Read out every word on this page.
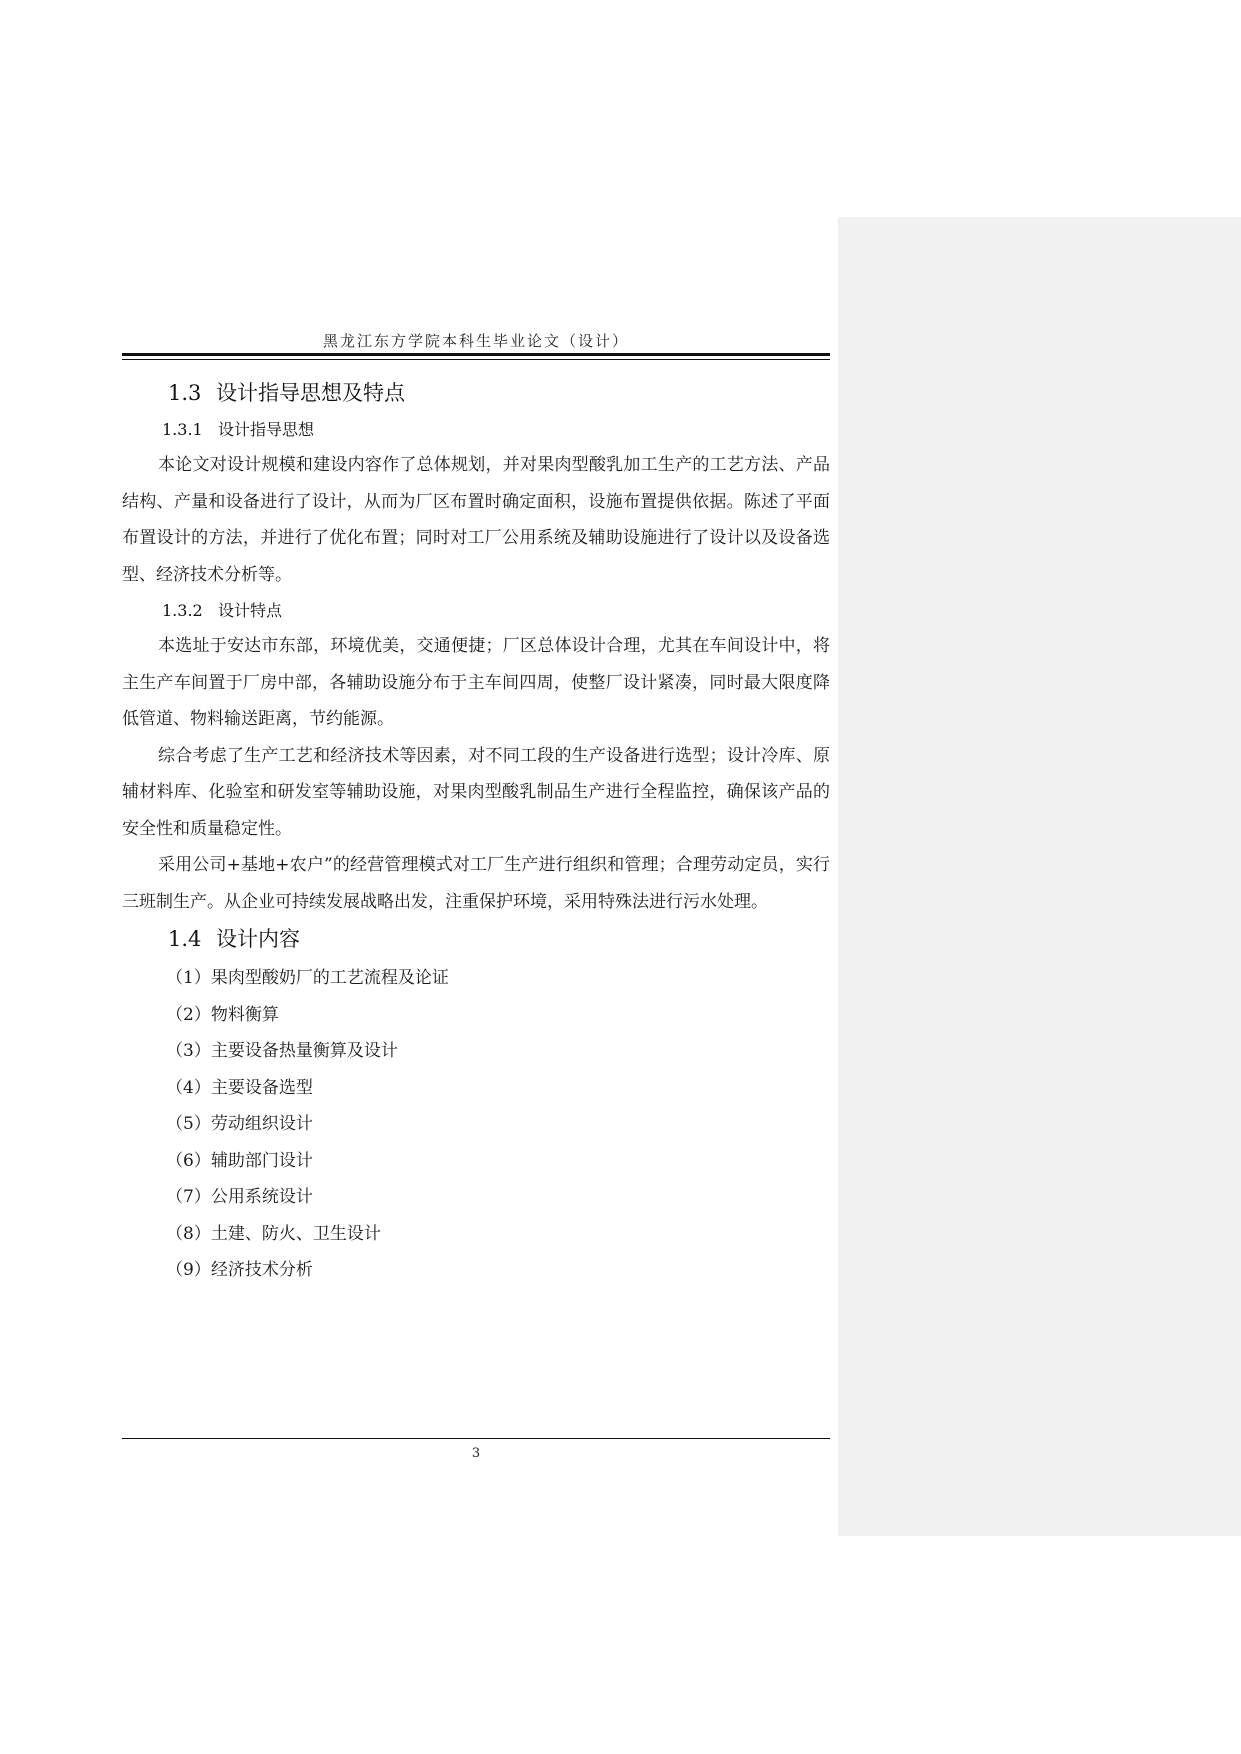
黑龙江东方学院本科生毕业论文（设计）
1.3 设计指导思想及特点
1.3.1 设计指导思想

本论文对设计规模和建设内容作了总体规划，并对果肉型酸乳加工生产的工艺方法、产品结构、产量和设备进行了设计，从而为厂区布置时确定面积，设施布置提供依据。陈述了平面布置设计的方法，并进行了优化布置；同时对工厂公用系统及辅助设施进行了设计以及设备选型、经济技术分析等。

1.3.2 设计特点

本选址于安达市东部，环境优美，交通便捷；厂区总体设计合理，尤其在车间设计中，将主生产车间置于厂房中部，各辅助设施分布于主车间四周，使整厂设计紧凑，同时最大限度降低管道、物料输送距离，节约能源。

综合考虑了生产工艺和经济技术等因素，对不同工段的生产设备进行选型；设计冷库、原辅材料库、化验室和研发室等辅助设施，对果肉型酸乳制品生产进行全程监控，确保该产品的安全性和质量稳定性。

采用公司+基地+农户”的经营管理模式对工厂生产进行组织和管理；合理劳动定员，实行三班制生产。从企业可持续发展战略出发，注重保护环境，采用特殊法进行污水处理。

1.4 设计内容
（1）果肉型酸奶厂的工艺流程及论证
（2）物料衡算
（3）主要设备热量衡算及设计
（4）主要设备选型
（5）劳动组织设计
（6）辅助部门设计
（7）公用系统设计
（8）土建、防火、卫生设计
（9）经济技术分析
3
